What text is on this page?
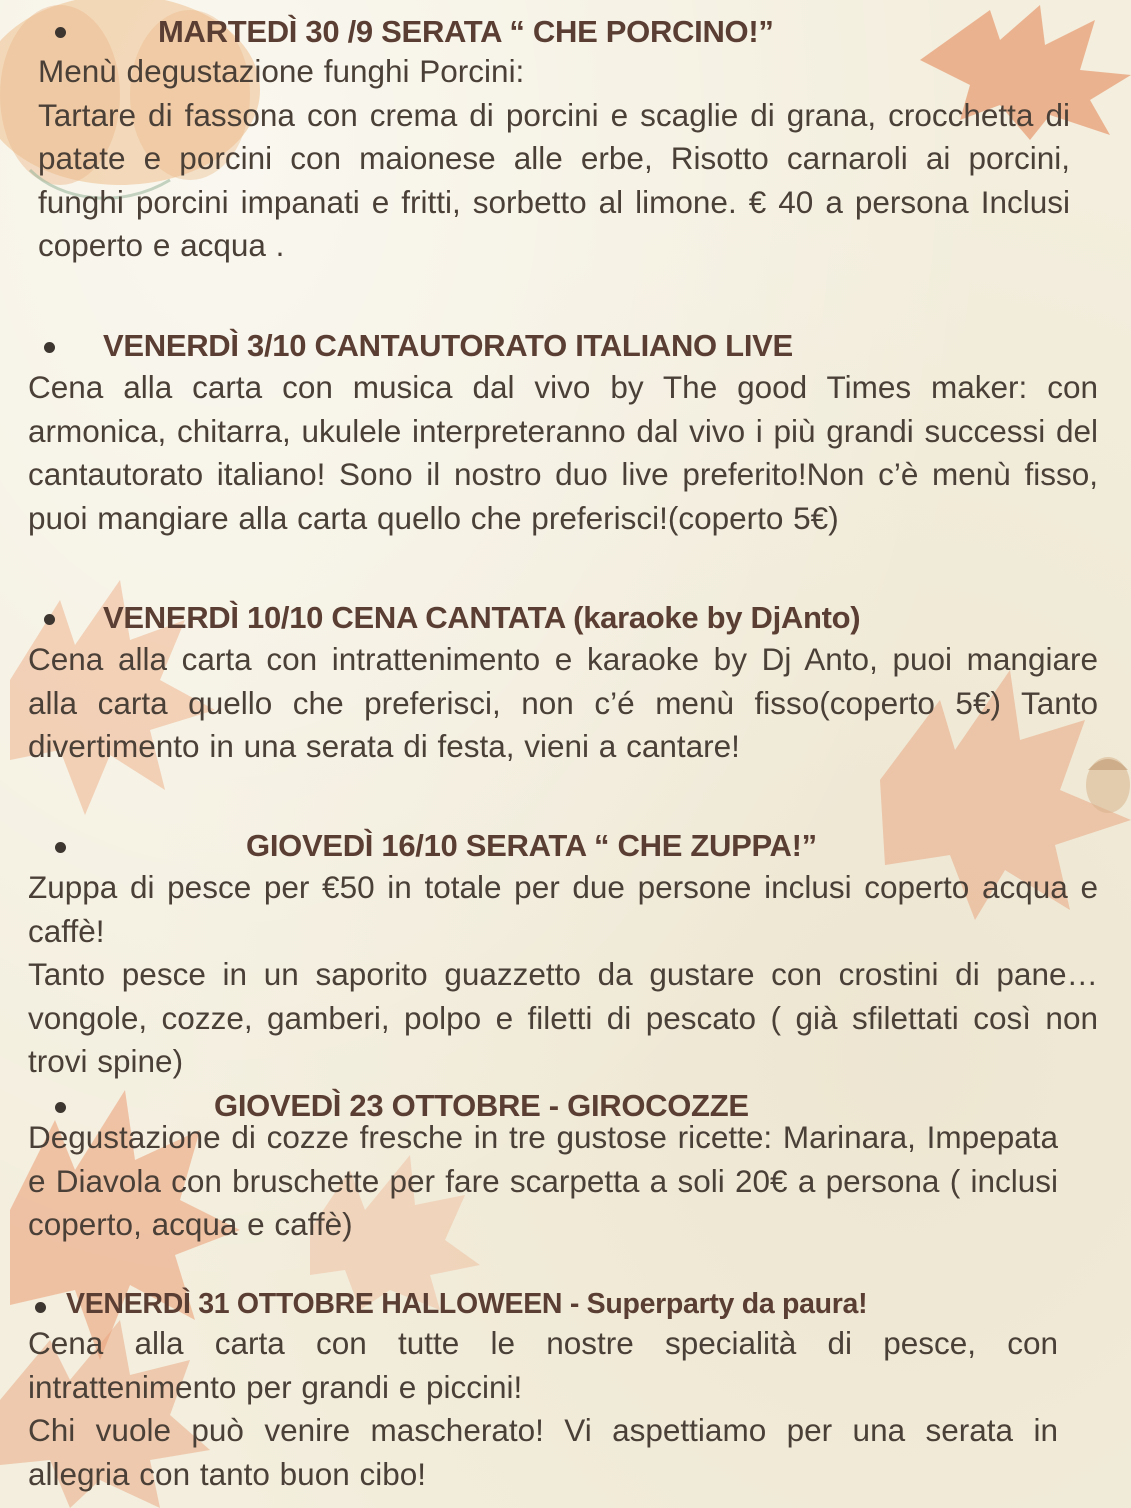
MARTEDÌ 30 /9 SERATA “ CHE PORCINO!”
Menù degustazione funghi Porcini:
Tartare di fassona con crema di porcini e scaglie di grana, crocchetta di patate e porcini con maionese alle erbe, Risotto carnaroli ai porcini, funghi porcini impanati e fritti, sorbetto al limone. € 40 a persona Inclusi coperto e acqua .
VENERDÌ 3/10 CANTAUTORATO ITALIANO LIVE
Cena alla carta con musica dal vivo by The good Times maker: con armonica, chitarra, ukulele interpreteranno dal vivo i più grandi successi del cantautorato italiano! Sono il nostro duo live preferito!Non c’è menù fisso, puoi mangiare alla carta quello che preferisci!(coperto 5€)
VENERDÌ 10/10 CENA CANTATA (karaoke by DjAnto)
Cena alla carta con intrattenimento e karaoke by Dj Anto, puoi mangiare alla carta quello che preferisci, non c’é menù fisso(coperto 5€) Tanto divertimento in una serata di festa, vieni a cantare!
GIOVEDÌ 16/10 SERATA “ CHE ZUPPA!”
Zuppa di pesce per €50 in totale per due persone inclusi coperto acqua e caffè!
Tanto pesce in un saporito guazzetto da gustare con crostini di pane…vongole, cozze, gamberi, polpo e filetti di pescato ( già sfilettati così non trovi spine)
GIOVEDÌ 23 OTTOBRE - GIROCOZZE
Degustazione di cozze fresche in tre gustose ricette: Marinara, Impepata e Diavola con bruschette per fare scarpetta a soli 20€ a persona ( inclusi coperto, acqua e caffè)
VENERDÌ 31 OTTOBRE HALLOWEEN - Superparty da paura!
Cena alla carta con tutte le nostre specialità di pesce, con intrattenimento per grandi e piccini!
Chi vuole può venire mascherato! Vi aspettiamo per una serata in allegria con tanto buon cibo!
